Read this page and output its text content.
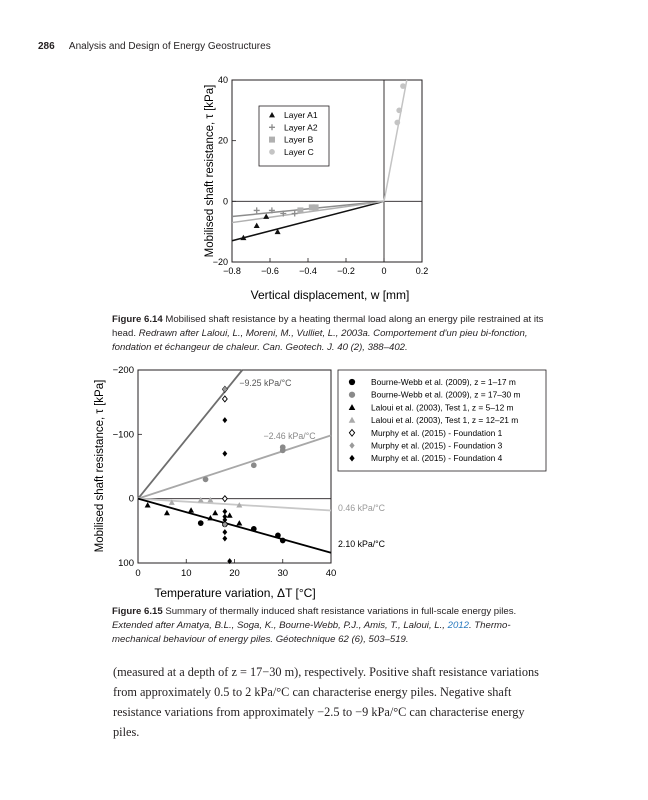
286 Analysis and Design of Energy Geostructures
−0.8 −0.6 −0.4 −0.2	0	0.2
−20
0
20
40
Layer A1
Layer A2
Layer B
Layer C
Mobilised shaft resistance, τ [kPa]
Vertical displacement, w [mm]
0	10	20	30	40
−200
−100
0
100
−9.25 kPa/°C
−2.46 kPa/°C
0.46 kPa/°C
2.10 kPa/°C
Bourne-Webb et al. (2009), z = 1–17 m
Bourne-Webb et al. (2009), z = 17–30 m
Laloui et al. (2003), Test 1, z = 5–12 m
Laloui et al. (2003), Test 1, z = 12–21 m
Murphy et al. (2015) - Foundation 1
Murphy et al. (2015) - Foundation 3
Murphy et al. (2015) - Foundation 4
Mobilised shaft resistance, τ [kPa]
Temperature variation, ΔT [°C]
Figure 6.14 Mobilised shaft resistance by a heating thermal load along an energy pile restrained at its head. Redrawn after Laloui, L., Moreni, M., Vulliet, L., 2003a. Comportement d'un pieu bi-fonction, fondation et échangeur de chaleur. Can. Geotech. J. 40 (2), 388–402.
Figure 6.15 Summary of thermally induced shaft resistance variations in full-scale energy piles. Extended after Amatya, B.L., Soga, K., Bourne-Webb, P.J., Amis, T., Laloui, L., 2012. Thermo-mechanical behaviour of energy piles. Géotechnique 62 (6), 503–519.
(measured at a depth of z = 17−30 m), respectively. Positive shaft resistance variations from approximately 0.5 to 2 kPa/°C can characterise energy piles. Negative shaft resistance variations from approximately −2.5 to −9 kPa/°C can characterise energy piles.
